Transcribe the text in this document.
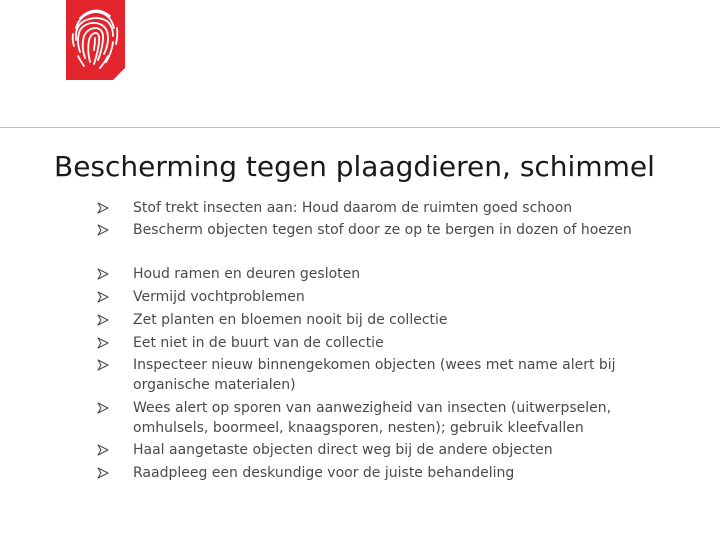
Bescherming tegen plaagdieren, schimmel
Stof trekt insecten aan: Houd daarom de ruimten goed schoon
Bescherm objecten tegen stof door ze op te bergen in dozen of hoezen
Houd ramen en deuren gesloten
Vermijd vochtproblemen
Zet planten en bloemen nooit bij de collectie
Eet niet in de buurt van de collectie
Inspecteer nieuw binnengekomen objecten (wees met name alert bij organische materialen)
Wees alert op sporen van aanwezigheid van insecten (uitwerpselen, omhulsels, boormeel, knaagsporen, nesten); gebruik kleefvallen
Haal aangetaste objecten direct weg bij de andere objecten
Raadpleeg een deskundige voor de juiste behandeling
